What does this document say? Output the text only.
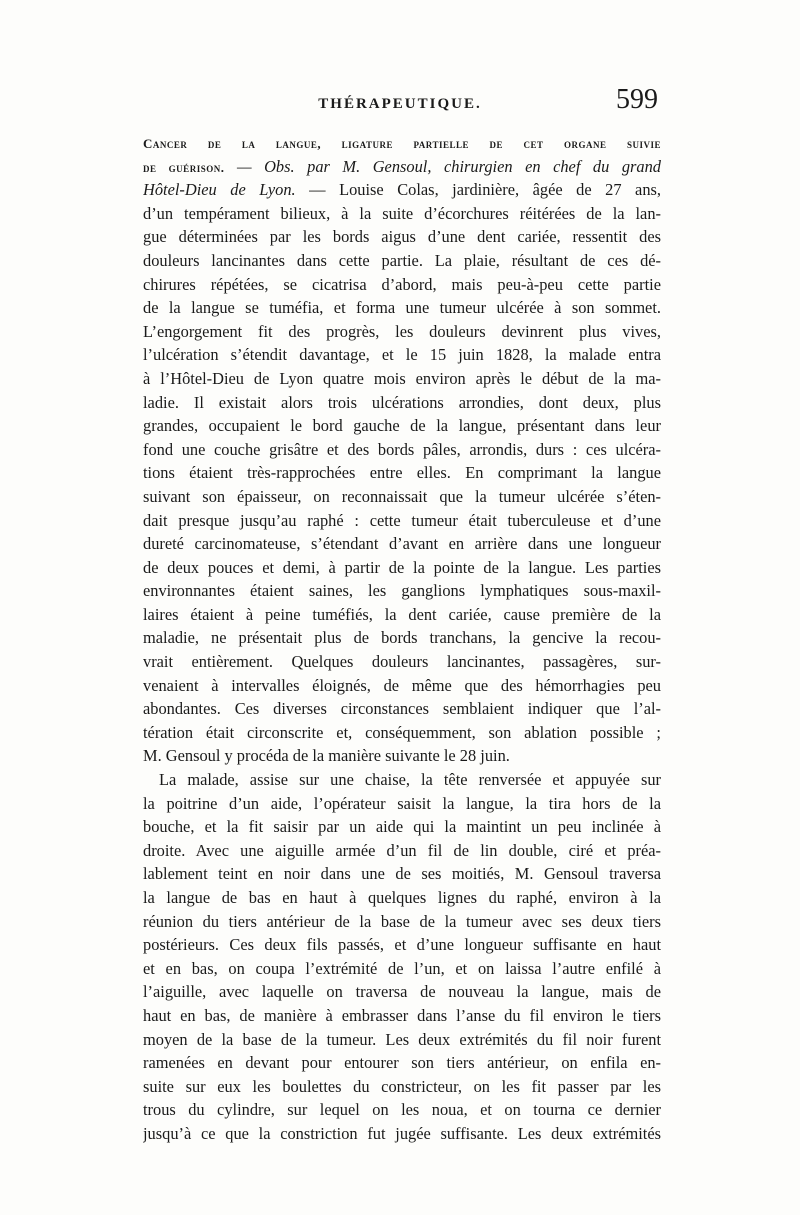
THÉRAPEUTIQUE.	599
Cancer de la langue, ligature partielle de cet organe suivie
de guérison. — Obs. par M. Gensoul, chirurgien en chef du grand
Hôtel-Dieu de Lyon. — Louise Colas, jardinière, âgée de 27 ans,
d’un tempérament bilieux, à la suite d’écorchures réitérées de la lan-
gue déterminées par les bords aigus d’une dent cariée, ressentit des
douleurs lancinantes dans cette partie. La plaie, résultant de ces dé-
chirures répétées, se cicatrisa d’abord, mais peu-à-peu cette partie
de la langue se tuméfia, et forma une tumeur ulcérée à son sommet.
L’engorgement fit des progrès, les douleurs devinrent plus vives,
l’ulcération s’étendit davantage, et le 15 juin 1828, la malade entra
à l’Hôtel-Dieu de Lyon quatre mois environ après le début de la ma-
ladie. Il existait alors trois ulcérations arrondies, dont deux, plus
grandes, occupaient le bord gauche de la langue, présentant dans leur
fond une couche grisâtre et des bords pâles, arrondis, durs : ces ulcéra-
tions étaient très-rapprochées entre elles. En comprimant la langue
suivant son épaisseur, on reconnaissait que la tumeur ulcérée s’éten-
dait presque jusqu’au raphé : cette tumeur était tuberculeuse et d’une
dureté carcinomateuse, s’étendant d’avant en arrière dans une longueur
de deux pouces et demi, à partir de la pointe de la langue. Les parties
environnantes étaient saines, les ganglions lymphatiques sous-maxil-
laires étaient à peine tuméfiés, la dent cariée, cause première de la
maladie, ne présentait plus de bords tranchans, la gencive la recou-
vrait entièrement. Quelques douleurs lancinantes, passagères, sur-
venaient à intervalles éloignés, de même que des hémorrhagies peu
abondantes. Ces diverses circonstances semblaient indiquer que l’al-
tération était circonscrite et, conséquemment, son ablation possible ;
M. Gensoul y procéda de la manière suivante le 28 juin.
La malade, assise sur une chaise, la tête renversée et appuyée sur
la poitrine d’un aide, l’opérateur saisit la langue, la tira hors de la
bouche, et la fit saisir par un aide qui la maintint un peu inclinée à
droite. Avec une aiguille armée d’un fil de lin double, ciré et préa-
lablement teint en noir dans une de ses moitiés, M. Gensoul traversa
la langue de bas en haut à quelques lignes du raphé, environ à la
réunion du tiers antérieur de la base de la tumeur avec ses deux tiers
postérieurs. Ces deux fils passés, et d’une longueur suffisante en haut
et en bas, on coupa l’extrémité de l’un, et on laissa l’autre enfilé à
l’aiguille, avec laquelle on traversa de nouveau la langue, mais de
haut en bas, de manière à embrasser dans l’anse du fil environ le tiers
moyen de la base de la tumeur. Les deux extrémités du fil noir furent
ramenées en devant pour entourer son tiers antérieur, on enfila en-
suite sur eux les boulettes du constricteur, on les fit passer par les
trous du cylindre, sur lequel on les noua, et on tourna ce dernier
jusqu’à ce que la constriction fut jugée suffisante. Les deux extrémités
